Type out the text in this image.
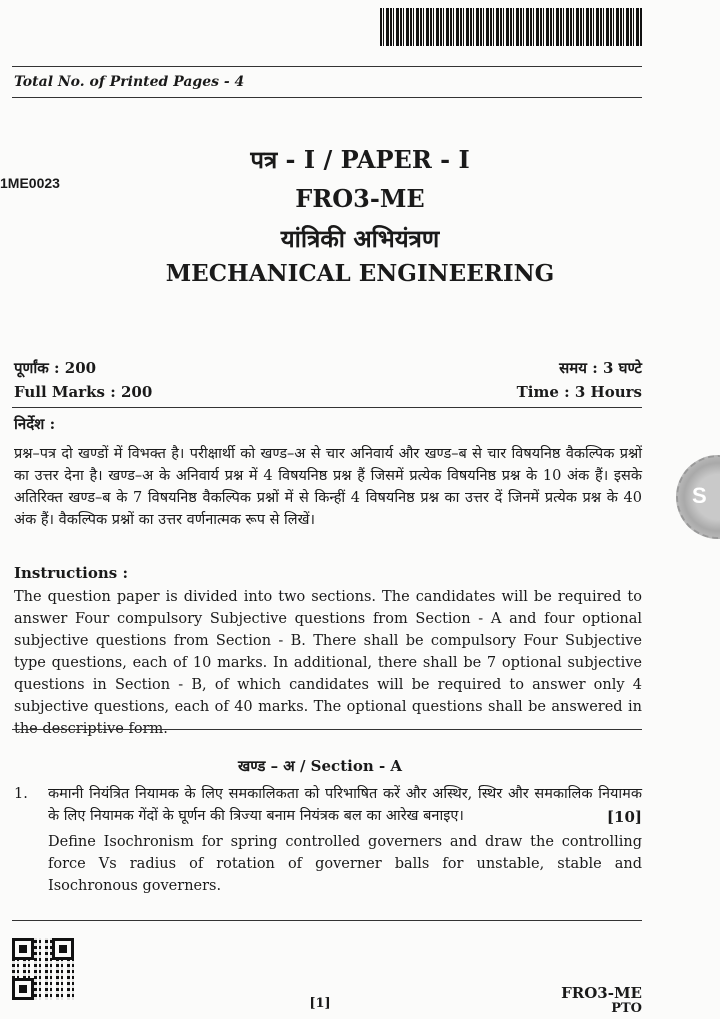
Total No. of Printed Pages - 4
1ME0023
पत्र - I / PAPER - I
FRO3-ME
यांत्रिकी अभियंत्रण
MECHANICAL ENGINEERING
पूर्णांक : 200	समय : 3 घण्टे
Full Marks : 200	Time : 3 Hours
निर्देश :
प्रश्न–पत्र दो खण्डों में विभक्त है। परीक्षार्थी को खण्ड–अ से चार अनिवार्य और खण्ड–ब से चार विषयनिष्ठ वैकल्पिक प्रश्नों का उत्तर देना है। खण्ड–अ के अनिवार्य प्रश्न में 4 विषयनिष्ठ प्रश्न हैं जिसमें प्रत्येक विषयनिष्ठ प्रश्न के 10 अंक हैं। इसके अतिरिक्त खण्ड–ब के 7 विषयनिष्ठ वैकल्पिक प्रश्नों में से किन्हीं 4 विषयनिष्ठ प्रश्न का उत्तर दें जिनमें प्रत्येक प्रश्न के 40 अंक हैं। वैकल्पिक प्रश्नों का उत्तर वर्णनात्मक रूप से लिखें।
Instructions :
The question paper is divided into two sections. The candidates will be required to answer Four compulsory Subjective questions from Section - A and four optional subjective questions from Section - B. There shall be compulsory Four Subjective type questions, each of 10 marks. In additional, there shall be 7 optional subjective questions in Section - B, of which candidates will be required to answer only 4 subjective questions, each of 40 marks. The optional questions shall be answered in the descriptive form.
खण्ड – अ / Section - A
1. कमानी नियंत्रित नियामक के लिए समकालिकता को परिभाषित करें और अस्थिर, स्थिर और समकालिक नियामक के लिए नियामक गेंदों के घूर्णन की त्रिज्या बनाम नियंत्रक बल का आरेख बनाइए।	[10]
Define Isochronism for spring controlled governers and draw the controlling force Vs radius of rotation of governer balls for unstable, stable and Isochronous governers.
[1]
FRO3-ME
PTO
S
